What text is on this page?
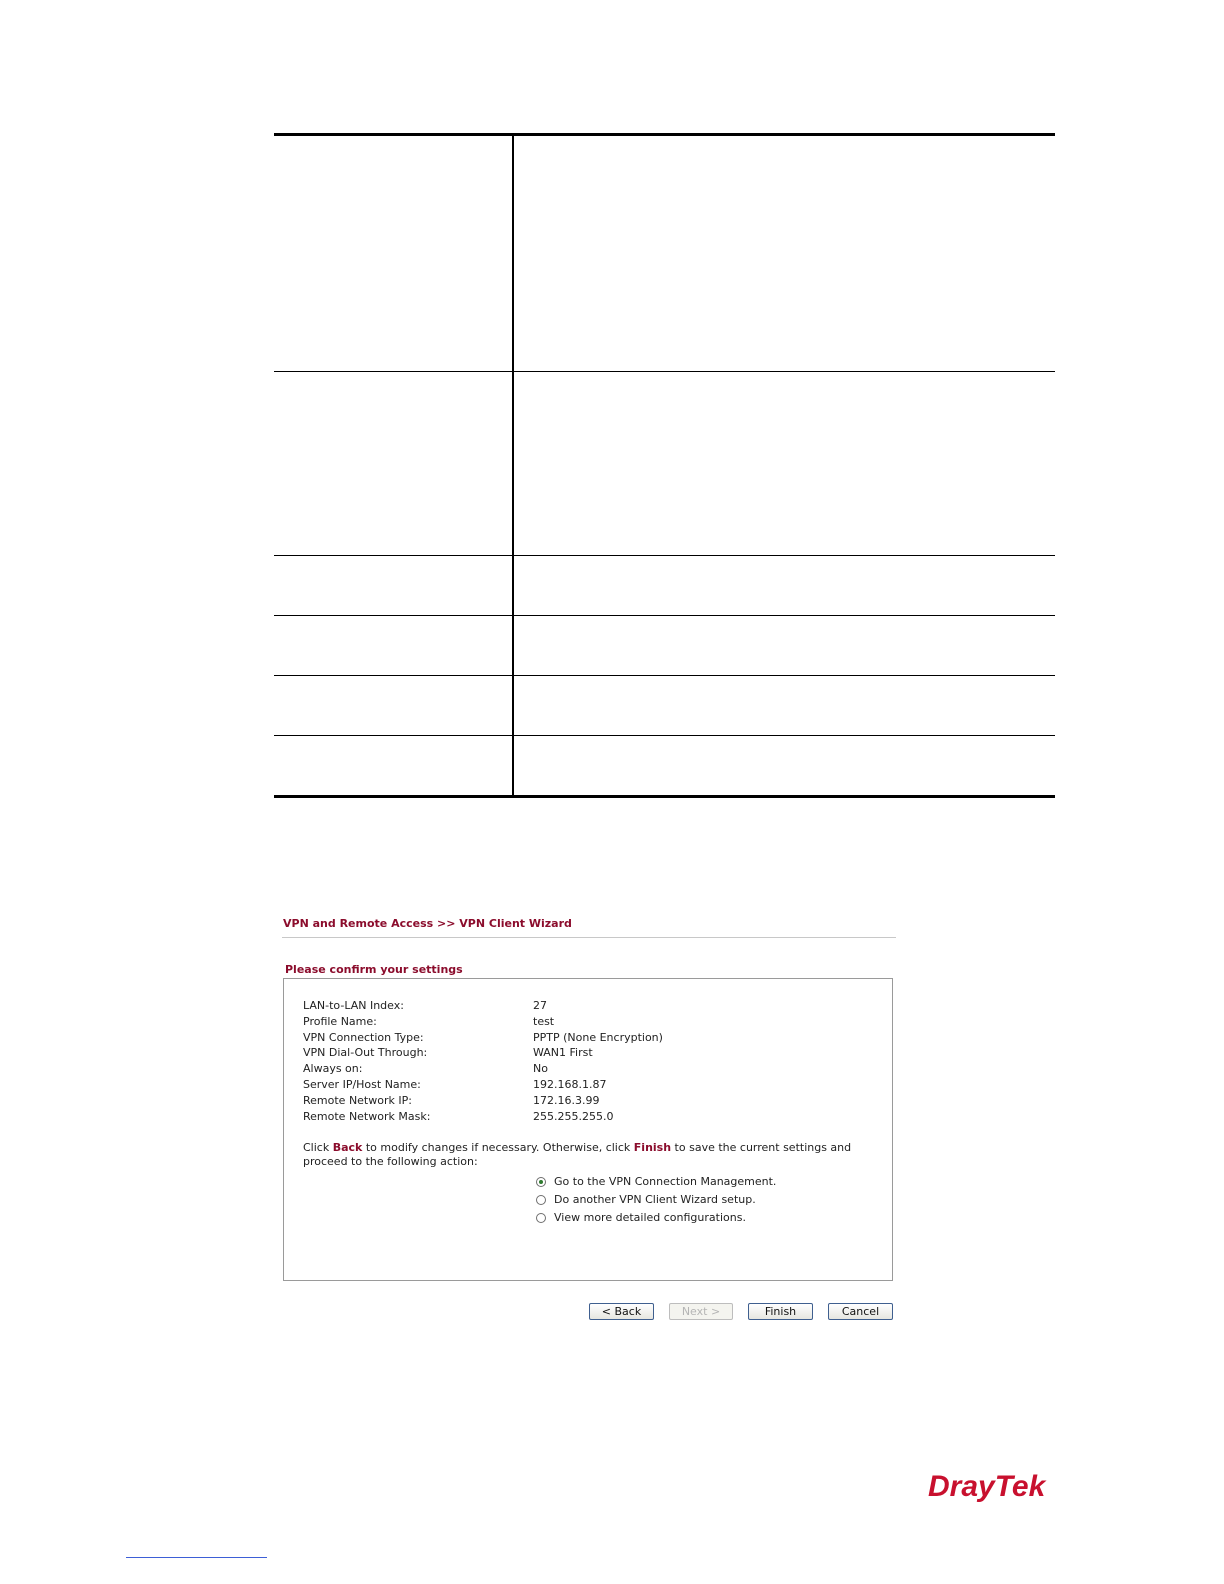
VPN and Remote Access >> VPN Client Wizard
Please confirm your settings
LAN-to-LAN Index:	27
Profile Name:	test
VPN Connection Type:	PPTP (None Encryption)
VPN Dial-Out Through:	WAN1 First
Always on:	No
Server IP/Host Name:	192.168.1.87
Remote Network IP:	172.16.3.99
Remote Network Mask:	255.255.255.0
Click Back to modify changes if necessary. Otherwise, click Finish to save the current settings and proceed to the following action:
Go to the VPN Connection Management.
Do another VPN Client Wizard setup.
View more detailed configurations.
< Back	Next >	Finish	Cancel
DrayTek
